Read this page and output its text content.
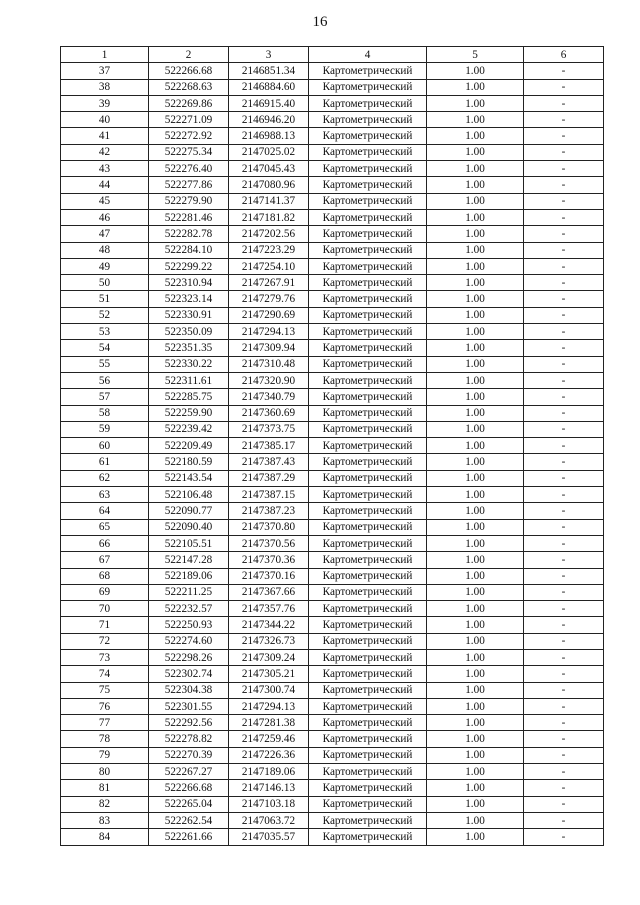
16
1	2	3	4	5	6
37	522266.68	2146851.34	Картометрический	1.00	-
38	522268.63	2146884.60	Картометрический	1.00	-
39	522269.86	2146915.40	Картометрический	1.00	-
40	522271.09	2146946.20	Картометрический	1.00	-
41	522272.92	2146988.13	Картометрический	1.00	-
42	522275.34	2147025.02	Картометрический	1.00	-
43	522276.40	2147045.43	Картометрический	1.00	-
44	522277.86	2147080.96	Картометрический	1.00	-
45	522279.90	2147141.37	Картометрический	1.00	-
46	522281.46	2147181.82	Картометрический	1.00	-
47	522282.78	2147202.56	Картометрический	1.00	-
48	522284.10	2147223.29	Картометрический	1.00	-
49	522299.22	2147254.10	Картометрический	1.00	-
50	522310.94	2147267.91	Картометрический	1.00	-
51	522323.14	2147279.76	Картометрический	1.00	-
52	522330.91	2147290.69	Картометрический	1.00	-
53	522350.09	2147294.13	Картометрический	1.00	-
54	522351.35	2147309.94	Картометрический	1.00	-
55	522330.22	2147310.48	Картометрический	1.00	-
56	522311.61	2147320.90	Картометрический	1.00	-
57	522285.75	2147340.79	Картометрический	1.00	-
58	522259.90	2147360.69	Картометрический	1.00	-
59	522239.42	2147373.75	Картометрический	1.00	-
60	522209.49	2147385.17	Картометрический	1.00	-
61	522180.59	2147387.43	Картометрический	1.00	-
62	522143.54	2147387.29	Картометрический	1.00	-
63	522106.48	2147387.15	Картометрический	1.00	-
64	522090.77	2147387.23	Картометрический	1.00	-
65	522090.40	2147370.80	Картометрический	1.00	-
66	522105.51	2147370.56	Картометрический	1.00	-
67	522147.28	2147370.36	Картометрический	1.00	-
68	522189.06	2147370.16	Картометрический	1.00	-
69	522211.25	2147367.66	Картометрический	1.00	-
70	522232.57	2147357.76	Картометрический	1.00	-
71	522250.93	2147344.22	Картометрический	1.00	-
72	522274.60	2147326.73	Картометрический	1.00	-
73	522298.26	2147309.24	Картометрический	1.00	-
74	522302.74	2147305.21	Картометрический	1.00	-
75	522304.38	2147300.74	Картометрический	1.00	-
76	522301.55	2147294.13	Картометрический	1.00	-
77	522292.56	2147281.38	Картометрический	1.00	-
78	522278.82	2147259.46	Картометрический	1.00	-
79	522270.39	2147226.36	Картометрический	1.00	-
80	522267.27	2147189.06	Картометрический	1.00	-
81	522266.68	2147146.13	Картометрический	1.00	-
82	522265.04	2147103.18	Картометрический	1.00	-
83	522262.54	2147063.72	Картометрический	1.00	-
84	522261.66	2147035.57	Картометрический	1.00	-
